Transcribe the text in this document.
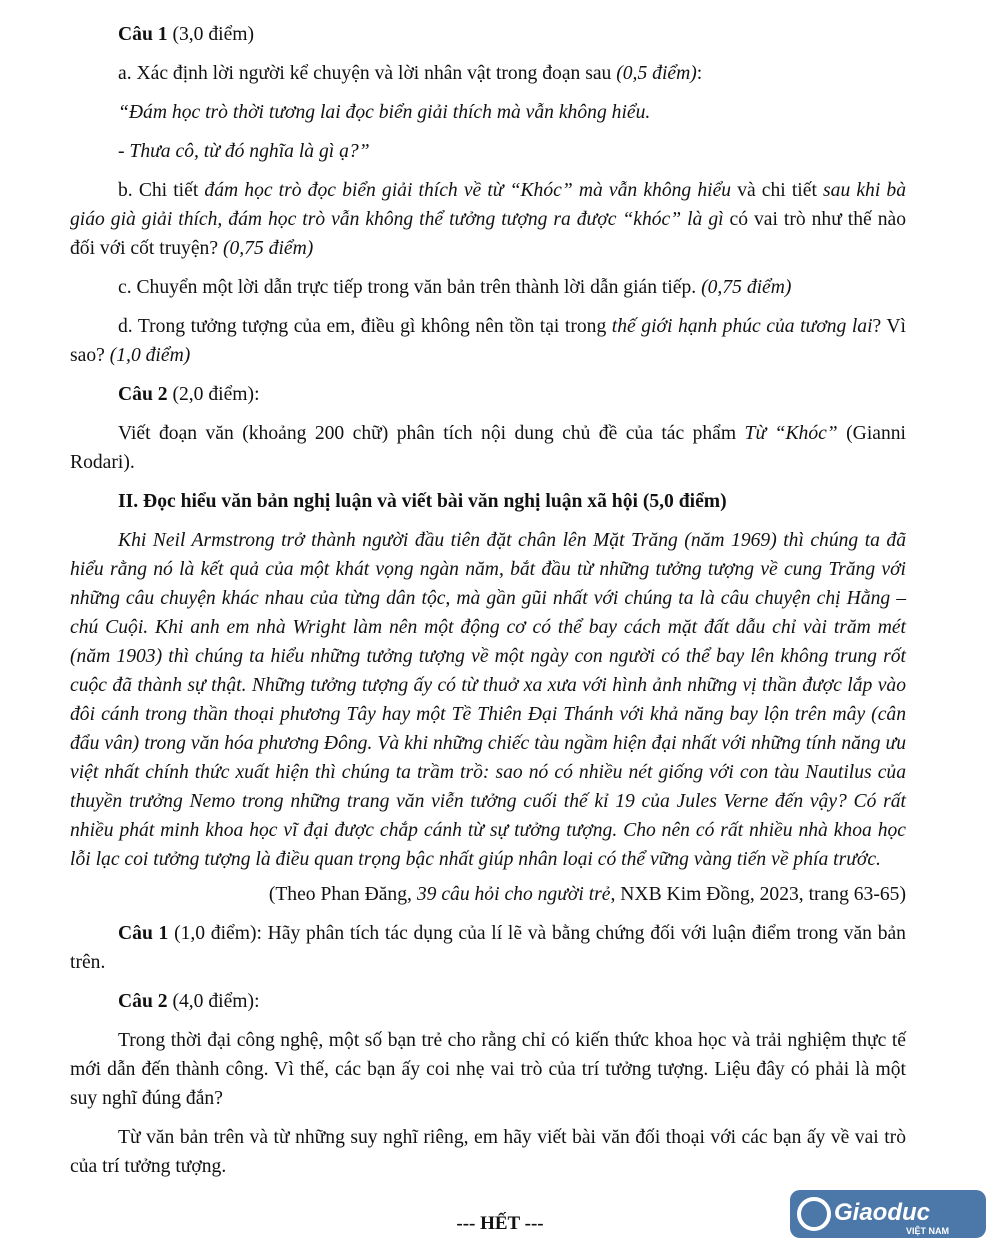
Câu 1 (3,0 điểm)

a. Xác định lời người kể chuyện và lời nhân vật trong đoạn sau (0,5 điểm):

“Đám học trò thời tương lai đọc biển giải thích mà vẫn không hiểu.

- Thưa cô, từ đó nghĩa là gì ạ?”

b. Chi tiết đám học trò đọc biển giải thích về từ “Khóc” mà vẫn không hiểu và chi tiết sau khi bà giáo già giải thích, đám học trò vẫn không thể tưởng tượng ra được “khóc” là gì có vai trò như thế nào đối với cốt truyện? (0,75 điểm)

c. Chuyển một lời dẫn trực tiếp trong văn bản trên thành lời dẫn gián tiếp. (0,75 điểm)

d. Trong tưởng tượng của em, điều gì không nên tồn tại trong thế giới hạnh phúc của tương lai? Vì sao? (1,0 điểm)

Câu 2 (2,0 điểm):

Viết đoạn văn (khoảng 200 chữ) phân tích nội dung chủ đề của tác phẩm Từ “Khóc” (Gianni Rodari).

II. Đọc hiểu văn bản nghị luận và viết bài văn nghị luận xã hội (5,0 điểm)

Khi Neil Armstrong trở thành người đầu tiên đặt chân lên Mặt Trăng (năm 1969) thì chúng ta đã hiểu rằng nó là kết quả của một khát vọng ngàn năm, bắt đầu từ những tưởng tượng về cung Trăng với những câu chuyện khác nhau của từng dân tộc, mà gần gũi nhất với chúng ta là câu chuyện chị Hằng – chú Cuội. Khi anh em nhà Wright làm nên một động cơ có thể bay cách mặt đất dẫu chỉ vài trăm mét (năm 1903) thì chúng ta hiểu những tưởng tượng về một ngày con người có thể bay lên không trung rốt cuộc đã thành sự thật. Những tưởng tượng ấy có từ thuở xa xưa với hình ảnh những vị thần được lắp vào đôi cánh trong thần thoại phương Tây hay một Tề Thiên Đại Thánh với khả năng bay lộn trên mây (cân đẩu vân) trong văn hóa phương Đông. Và khi những chiếc tàu ngầm hiện đại nhất với những tính năng ưu việt nhất chính thức xuất hiện thì chúng ta trầm trồ: sao nó có nhiều nét giống với con tàu Nautilus của thuyền trưởng Nemo trong những trang văn viễn tưởng cuối thế kỉ 19 của Jules Verne đến vậy? Có rất nhiều phát minh khoa học vĩ đại được chắp cánh từ sự tưởng tượng. Cho nên có rất nhiều nhà khoa học lỗi lạc coi tưởng tượng là điều quan trọng bậc nhất giúp nhân loại có thể vững vàng tiến về phía trước.

(Theo Phan Đăng, 39 câu hỏi cho người trẻ, NXB Kim Đồng, 2023, trang 63-65)

Câu 1 (1,0 điểm): Hãy phân tích tác dụng của lí lẽ và bằng chứng đối với luận điểm trong văn bản trên.

Câu 2 (4,0 điểm):

Trong thời đại công nghệ, một số bạn trẻ cho rằng chỉ có kiến thức khoa học và trải nghiệm thực tế mới dẫn đến thành công. Vì thế, các bạn ấy coi nhẹ vai trò của trí tưởng tượng. Liệu đây có phải là một suy nghĩ đúng đắn?

Từ văn bản trên và từ những suy nghĩ riêng, em hãy viết bài văn đối thoại với các bạn ấy về vai trò của trí tưởng tượng.

--- HẾT ---	Giaoduc
VIỆT NAM
